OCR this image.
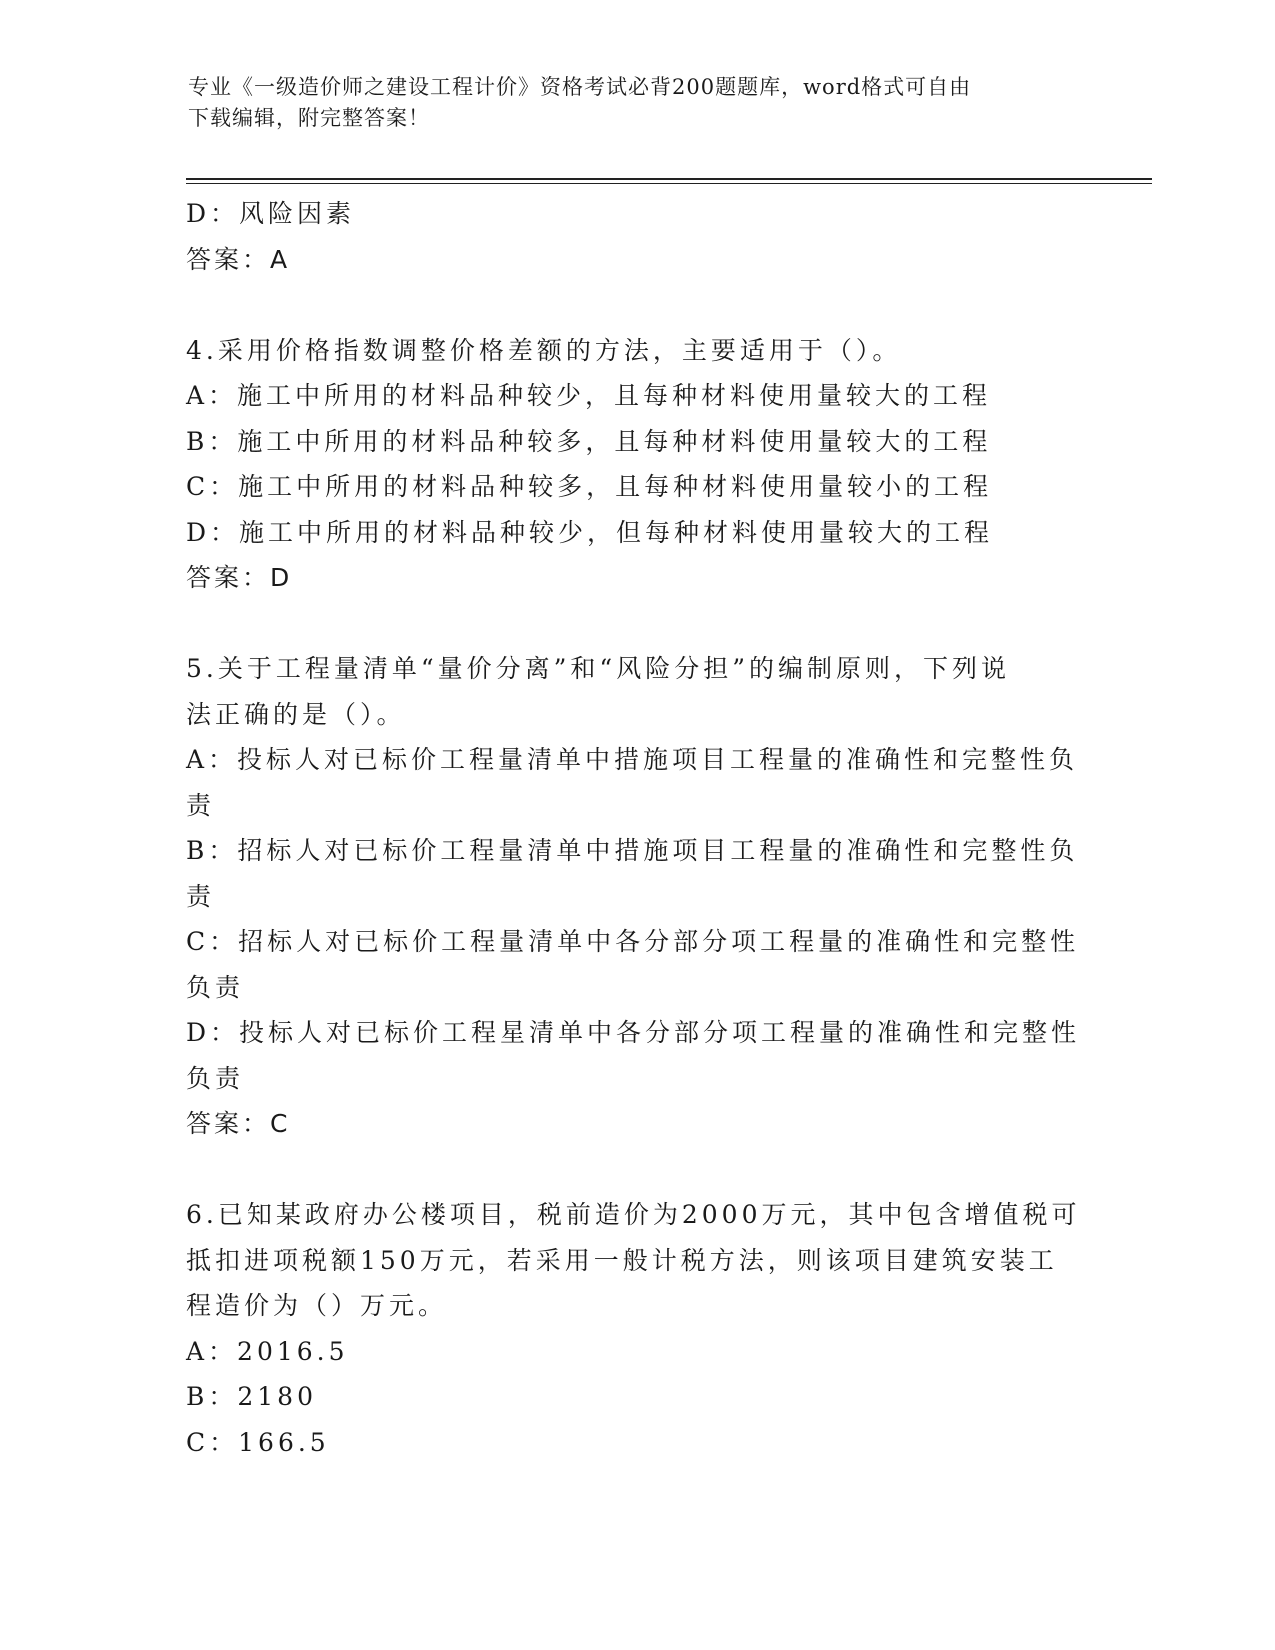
专业《一级造价师之建设工程计价》资格考试必背200题题库，word格式可自由
下载编辑，附完整答案！
D：风险因素
答案：A
4.采用价格指数调整价格差额的方法，主要适用于（）。
A：施工中所用的材料品种较少，且每种材料使用量较大的工程
B：施工中所用的材料品种较多，且每种材料使用量较大的工程
C：施工中所用的材料品种较多，且每种材料使用量较小的工程
D：施工中所用的材料品种较少，但每种材料使用量较大的工程
答案：D
5.关于工程量清单“量价分离”和“风险分担”的编制原则，下列说
法正确的是（）。
A：投标人对已标价工程量清单中措施项目工程量的准确性和完整性负
责
B：招标人对已标价工程量清单中措施项目工程量的准确性和完整性负
责
C：招标人对已标价工程量清单中各分部分项工程量的准确性和完整性
负责
D：投标人对已标价工程星清单中各分部分项工程量的准确性和完整性
负责
答案：C
6.已知某政府办公楼项目，税前造价为2000万元，其中包含增值税可
抵扣进项税额150万元，若采用一般计税方法，则该项目建筑安装工
程造价为（）万元。
A：2016.5
B：2180
C：166.5
